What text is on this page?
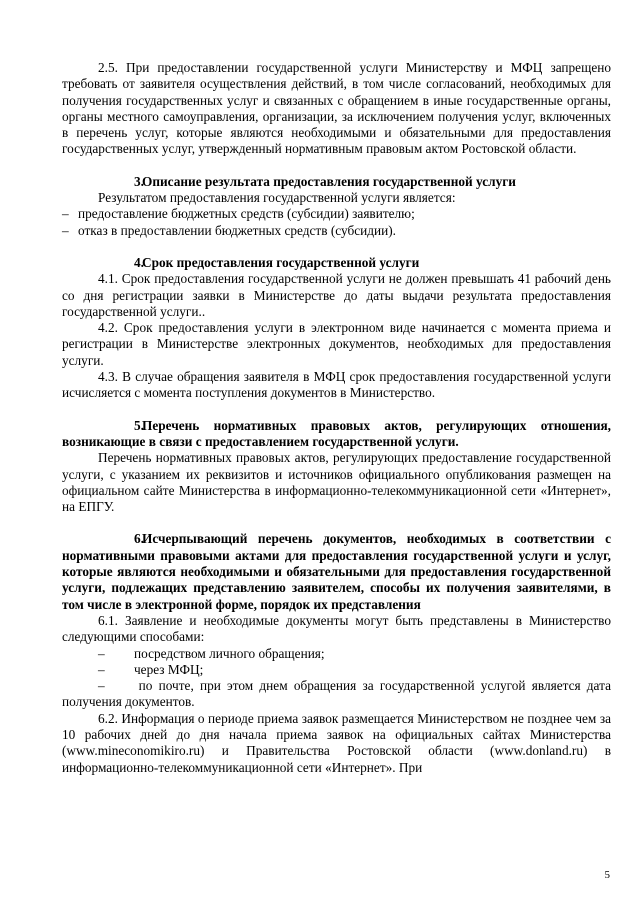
2.5. При предоставлении государственной услуги Министерству и МФЦ запрещено требовать от заявителя осуществления действий, в том числе согласований, необходимых для получения государственных услуг и связанных с обращением в иные государственные органы, органы местного самоуправления, организации, за исключением получения услуг, включенных в перечень услуг, которые являются необходимыми и обязательными для предоставления государственных услуг, утвержденный нормативным правовым актом Ростовской области.

3.Описание результата предоставления государственной услуги

Результатом предоставления государственной услуги является:

– предоставление бюджетных средств (субсидии) заявителю;
– отказ в предоставлении бюджетных средств (субсидии).

4.Срок предоставления государственной услуги

4.1. Срок предоставления государственной услуги не должен превышать 41 рабочий день со дня регистрации заявки в Министерстве до даты выдачи результата предоставления государственной услуги..

4.2. Срок предоставления услуги в электронном виде начинается с момента приема и регистрации в Министерстве электронных документов, необходимых для предоставления услуги.

4.3. В случае обращения заявителя в МФЦ срок предоставления государственной услуги исчисляется с момента поступления документов в Министерство.

5.Перечень нормативных правовых актов, регулирующих отношения, возникающие в связи с предоставлением государственной услуги.

Перечень нормативных правовых актов, регулирующих предоставление государственной услуги, с указанием их реквизитов и источников официального опубликования размещен на официальном сайте Министерства в информационно-телекоммуникационной сети «Интернет», на ЕПГУ.

6.Исчерпывающий перечень документов, необходимых в соответствии с нормативными правовыми актами для предоставления государственной услуги и услуг, которые являются необходимыми и обязательными для предоставления государственной услуги, подлежащих представлению заявителем, способы их получения заявителями, в том числе в электронной форме, порядок их представления

6.1. Заявление и необходимые документы могут быть представлены в Министерство следующими способами:

–	посредством личного обращения;
–	через МФЦ;

–	по почте, при этом днем обращения за государственной услугой является дата получения документов.

6.2. Информация о периоде приема заявок размещается Министерством не позднее чем за 10 рабочих дней до дня начала приема заявок на официальных сайтах Министерства (www.mineconomikiro.ru) и Правительства Ростовской области (www.donland.ru) в информационно-телекоммуникационной сети «Интернет». При

5
